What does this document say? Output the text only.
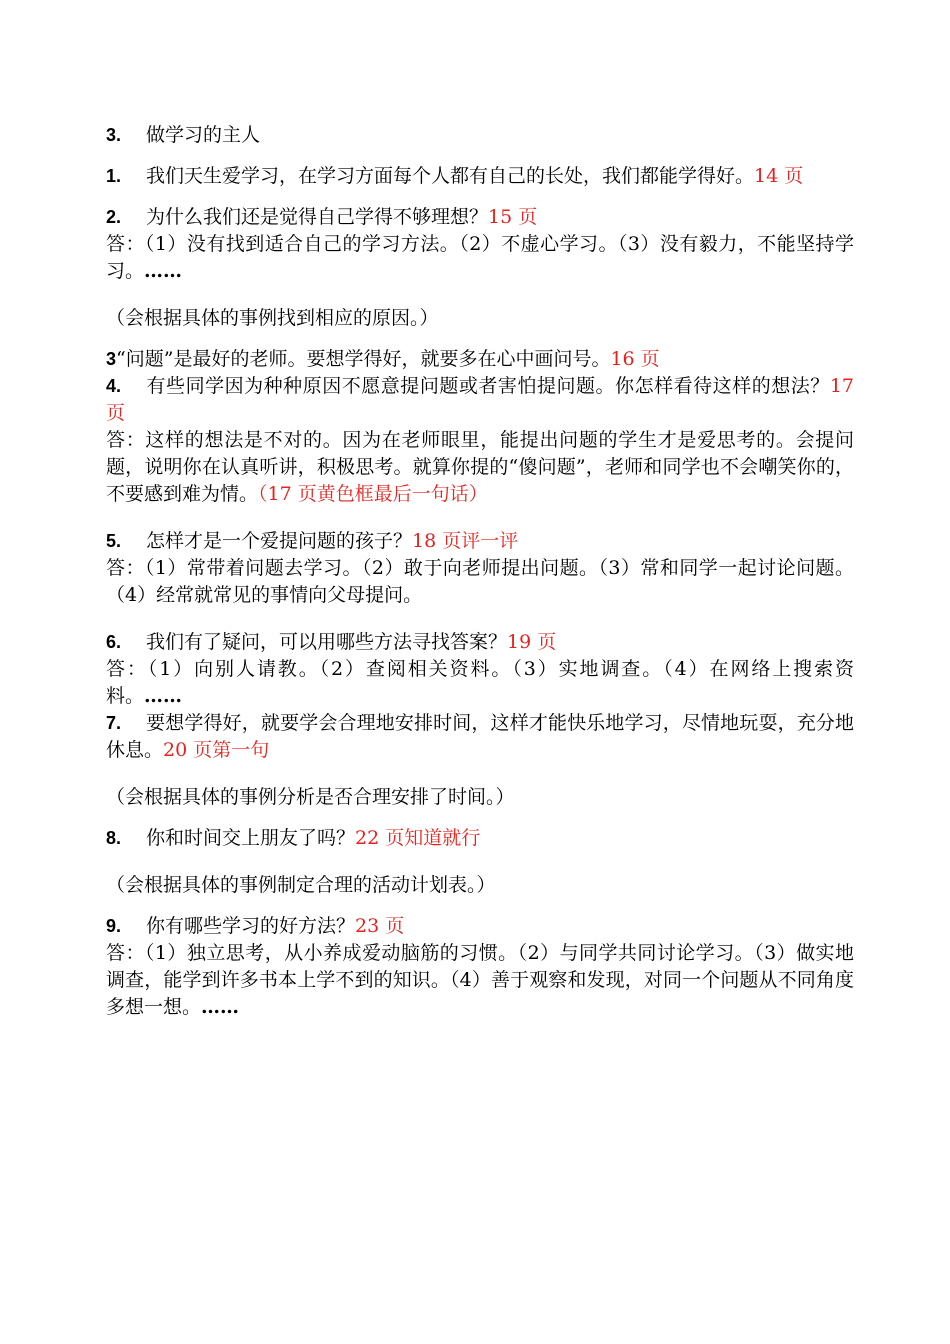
3. 做学习的主人

1. 我们天生爱学习，在学习方面每个人都有自己的长处，我们都能学得好。14 页

2. 为什么我们还是觉得自己学得不够理想？15 页

答：（1）没有找到适合自己的学习方法。（2）不虚心学习。（3）没有毅力，不能坚持学习。……

（会根据具体的事例找到相应的原因。）

3“问题”是最好的老师。要想学得好，就要多在心中画问号。16 页

4. 有些同学因为种种原因不愿意提问题或者害怕提问题。你怎样看待这样的想法？17 页

答：这样的想法是不对的。因为在老师眼里，能提出问题的学生才是爱思考的。会提问题，说明你在认真听讲，积极思考。就算你提的“傻问题”，老师和同学也不会嘲笑你的，不要感到难为情。（17 页黄色框最后一句话）

5. 怎样才是一个爱提问题的孩子？18 页评一评

答：（1）常带着问题去学习。（2）敢于向老师提出问题。（3）常和同学一起讨论问题。（4）经常就常见的事情向父母提问。

6. 我们有了疑问，可以用哪些方法寻找答案？19 页

答：（1）向别人请教。（2）查阅相关资料。（3）实地调查。（4）在网络上搜索资料。……

7. 要想学得好，就要学会合理地安排时间，这样才能快乐地学习，尽情地玩耍，充分地休息。20 页第一句

（会根据具体的事例分析是否合理安排了时间。）

8. 你和时间交上朋友了吗？22 页知道就行

（会根据具体的事例制定合理的活动计划表。）

9. 你有哪些学习的好方法？23 页

答：（1）独立思考，从小养成爱动脑筋的习惯。（2）与同学共同讨论学习。（3）做实地调查，能学到许多书本上学不到的知识。（4）善于观察和发现，对同一个问题从不同角度多想一想。……
